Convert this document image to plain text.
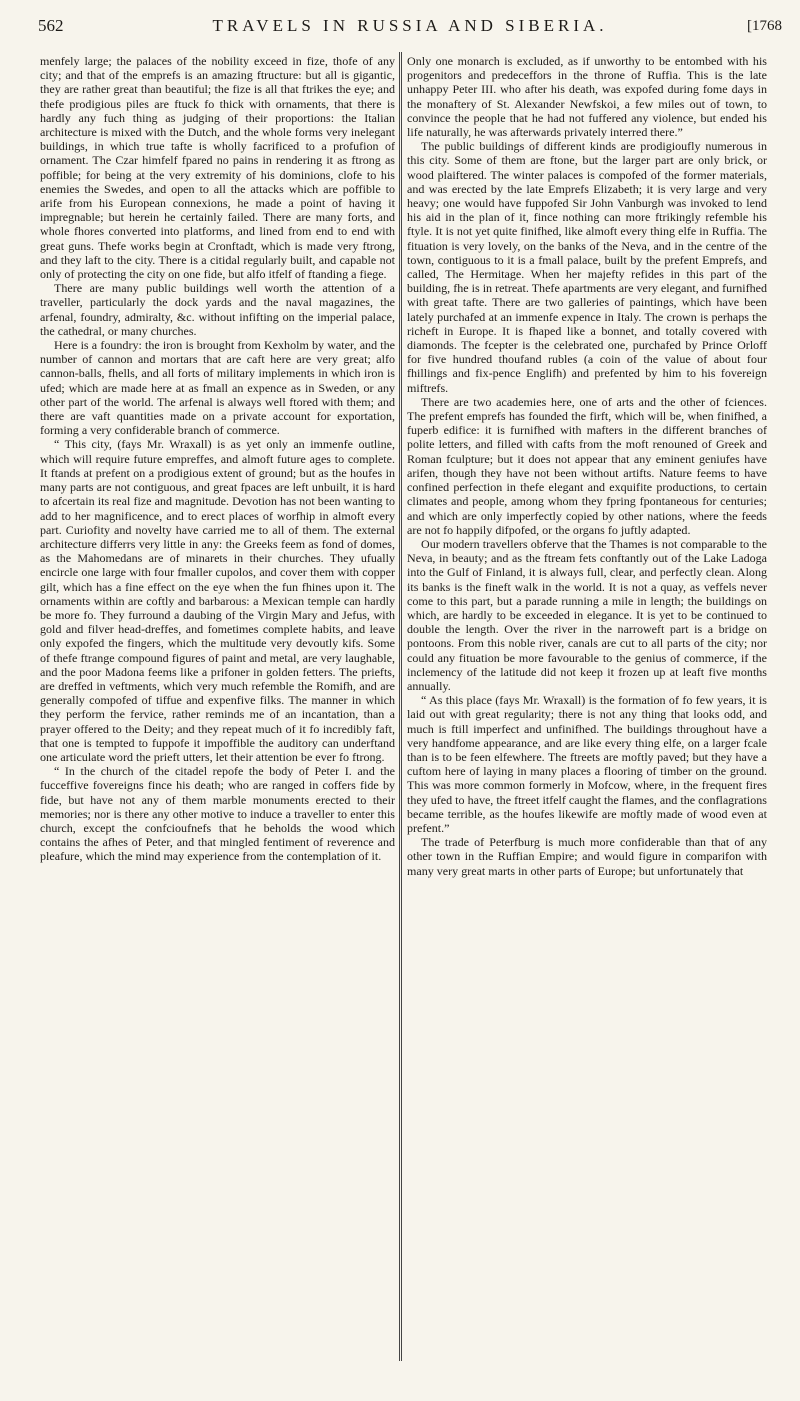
562	TRAVELS IN RUSSIA AND SIBERIA.	[1768

menfely large; the palaces of the nobility exceed in fize, thofe of any city; and that of the emprefs is an amazing ftructure: but all is gigantic, they are rather great than beautiful; the fize is all that ftrikes the eye; and thefe prodigious piles are ftuck fo thick with ornaments, that there is hardly any fuch thing as judging of their proportions: the Italian architecture is mixed with the Dutch, and the whole forms very inelegant buildings, in which true tafte is wholly facrificed to a profufion of ornament. The Czar himfelf fpared no pains in rendering it as ftrong as poffible; for being at the very extremity of his dominions, clofe to his enemies the Swedes, and open to all the attacks which are poffible to arife from his European connexions, he made a point of having it impregnable; but herein he certainly failed. There are many forts, and whole fhores converted into platforms, and lined from end to end with great guns. Thefe works begin at Cronftadt, which is made very ftrong, and they laft to the city. There is a citidal regularly built, and capable not only of protecting the city on one fide, but alfo itfelf of ftanding a fiege.

There are many public buildings well worth the attention of a traveller, particularly the dock yards and the naval magazines, the arfenal, foundry, admiralty, &c. without infifting on the imperial palace, the cathedral, or many churches.

Here is a foundry: the iron is brought from Kexholm by water, and the number of cannon and mortars that are caft here are very great; alfo cannon-balls, fhells, and all forts of military implements in which iron is ufed; which are made here at as fmall an expence as in Sweden, or any other part of the world. The arfenal is always well ftored with them; and there are vaft quantities made on a private account for exportation, forming a very confiderable branch of commerce.

“ This city, (fays Mr. Wraxall) is as yet only an immenfe outline, which will require future empreffes, and almoft future ages to complete. It ftands at prefent on a prodigious extent of ground; but as the houfes in many parts are not contiguous, and great fpaces are left unbuilt, it is hard to afcertain its real fize and magnitude. Devotion has not been wanting to add to her magnificence, and to erect places of worfhip in almoft every part. Curiofity and novelty have carried me to all of them. The external architecture differrs very little in any: the Greeks feem as fond of domes, as the Mahomedans are of minarets in their churches. They ufually encircle one large with four fmaller cupolos, and cover them with copper gilt, which has a fine effect on the eye when the fun fhines upon it. The ornaments within are coftly and barbarous: a Mexican temple can hardly be more fo. They furround a daubing of the Virgin Mary and Jefus, with gold and filver head-dreffes, and fometimes complete habits, and leave only expofed the fingers, which the multitude very devoutly kifs. Some of thefe ftrange compound figures of paint and metal, are very laughable, and the poor Madona feems like a prifoner in golden fetters. The priefts, are dreffed in veftments, which very much refemble the Romifh, and are generally compofed of tiffue and expenfive filks. The manner in which they perform the fervice, rather reminds me of an incantation, than a prayer offered to the Deity; and they repeat much of it fo incredibly faft, that one is tempted to fuppofe it impoffible the auditory can underftand one articulate word the prieft utters, let their attention be ever fo ftrong.

“ In the church of the citadel repofe the body of Peter I. and the fucceffive fovereigns fince his death; who are ranged in coffers fide by fide, but have not any of them marble monuments erected to their memories; nor is there any other motive to induce a traveller to enter this church, except the confcioufnefs that he beholds the wood which contains the afhes of Peter, and that mingled fentiment of reverence and pleafure, which the mind may experience from the contemplation of it.

Only one monarch is excluded, as if unworthy to be entombed with his progenitors and predeceffors in the throne of Ruffia. This is the late unhappy Peter III. who after his death, was expofed during fome days in the monaftery of St. Alexander Newfskoi, a few miles out of town, to convince the people that he had not fuffered any violence, but ended his life naturally, he was afterwards privately interred there.”

The public buildings of different kinds are prodigioufly numerous in this city. Some of them are ftone, but the larger part are only brick, or wood plaiftered. The winter palaces is compofed of the former materials, and was erected by the late Emprefs Elizabeth; it is very large and very heavy; one would have fuppofed Sir John Vanburgh was invoked to lend his aid in the plan of it, fince nothing can more ftrikingly refemble his ftyle. It is not yet quite finifhed, like almoft every thing elfe in Ruffia. The fituation is very lovely, on the banks of the Neva, and in the centre of the town, contiguous to it is a fmall palace, built by the prefent Emprefs, and called, The Hermitage. When her majefty refides in this part of the building, fhe is in retreat. Thefe apartments are very elegant, and furnifhed with great tafte. There are two galleries of paintings, which have been lately purchafed at an immenfe expence in Italy. The crown is perhaps the richeft in Europe. It is fhaped like a bonnet, and totally covered with diamonds. The fcepter is the celebrated one, purchafed by Prince Orloff for five hundred thoufand rubles (a coin of the value of about four fhillings and fix-pence Englifh) and prefented by him to his fovereign miftrefs.

There are two academies here, one of arts and the other of fciences. The prefent emprefs has founded the firft, which will be, when finifhed, a fuperb edifice: it is furnifhed with mafters in the different branches of polite letters, and filled with cafts from the moft renouned of Greek and Roman fculpture; but it does not appear that any eminent geniufes have arifen, though they have not been without artifts. Nature feems to have confined perfection in thefe elegant and exquifite productions, to certain climates and people, among whom they fpring fpontaneous for centuries; and which are only imperfectly copied by other nations, where the feeds are not fo happily difpofed, or the organs fo juftly adapted.

Our modern travellers obferve that the Thames is not comparable to the Neva, in beauty; and as the ftream fets conftantly out of the Lake Ladoga into the Gulf of Finland, it is always full, clear, and perfectly clean. Along its banks is the fineft walk in the world. It is not a quay, as veffels never come to this part, but a parade running a mile in length; the buildings on which, are hardly to be exceeded in elegance. It is yet to be continued to double the length. Over the river in the narroweft part is a bridge on pontoons. From this noble river, canals are cut to all parts of the city; nor could any fituation be more favourable to the genius of commerce, if the inclemency of the latitude did not keep it frozen up at leaft five months annually.

“ As this place (fays Mr. Wraxall) is the formation of fo few years, it is laid out with great regularity; there is not any thing that looks odd, and much is ftill imperfect and unfinifhed. The buildings throughout have a very handfome appearance, and are like every thing elfe, on a larger fcale than is to be feen elfewhere. The ftreets are moftly paved; but they have a cuftom here of laying in many places a flooring of timber on the ground. This was more common formerly in Mofcow, where, in the frequent fires they ufed to have, the ftreet itfelf caught the flames, and the conflagrations became terrible, as the houfes likewife are moftly made of wood even at prefent.”

The trade of Peterfburg is much more confiderable than that of any other town in the Ruffian Empire; and would figure in comparifon with many very great marts in other parts of Europe; but unfortunately that
